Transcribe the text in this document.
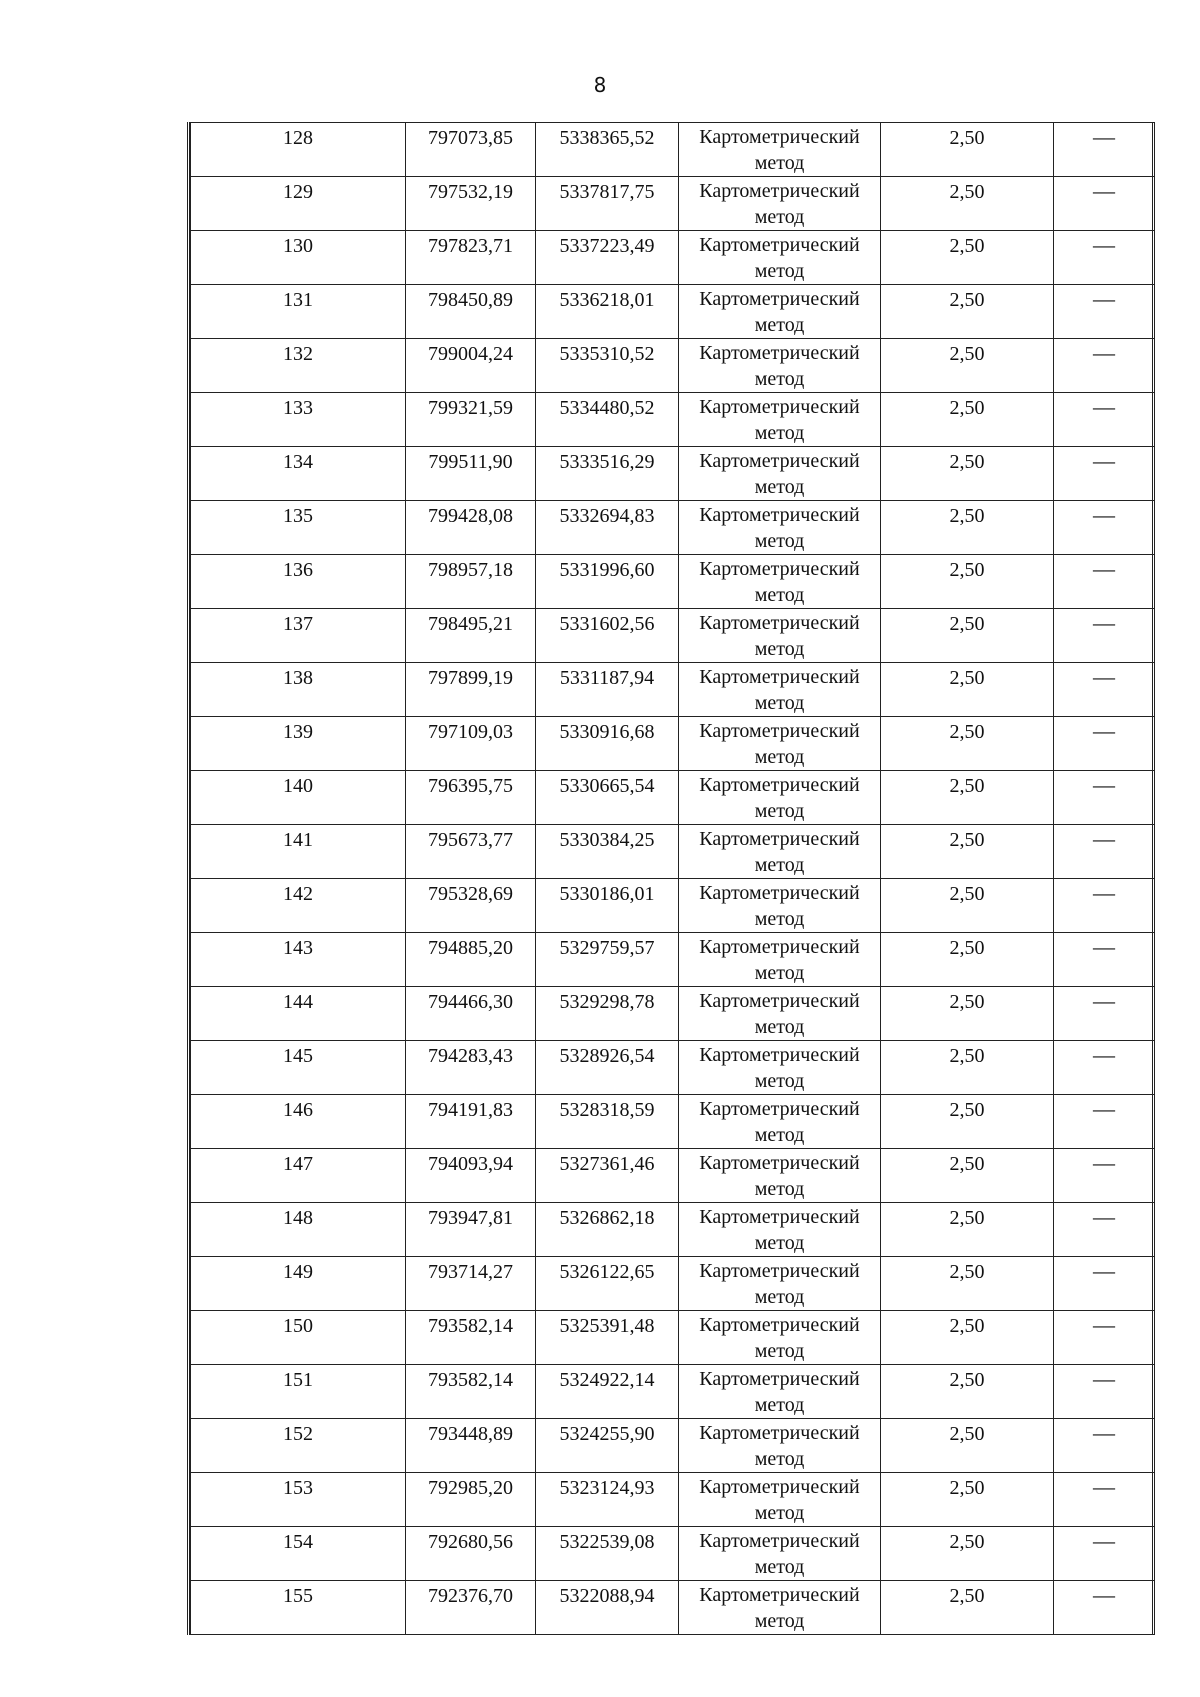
8
128	797073,85	5338365,52	Картометрический метод	2,50	—
129	797532,19	5337817,75	Картометрический метод	2,50	—
130	797823,71	5337223,49	Картометрический метод	2,50	—
131	798450,89	5336218,01	Картометрический метод	2,50	—
132	799004,24	5335310,52	Картометрический метод	2,50	—
133	799321,59	5334480,52	Картометрический метод	2,50	—
134	799511,90	5333516,29	Картометрический метод	2,50	—
135	799428,08	5332694,83	Картометрический метод	2,50	—
136	798957,18	5331996,60	Картометрический метод	2,50	—
137	798495,21	5331602,56	Картометрический метод	2,50	—
138	797899,19	5331187,94	Картометрический метод	2,50	—
139	797109,03	5330916,68	Картометрический метод	2,50	—
140	796395,75	5330665,54	Картометрический метод	2,50	—
141	795673,77	5330384,25	Картометрический метод	2,50	—
142	795328,69	5330186,01	Картометрический метод	2,50	—
143	794885,20	5329759,57	Картометрический метод	2,50	—
144	794466,30	5329298,78	Картометрический метод	2,50	—
145	794283,43	5328926,54	Картометрический метод	2,50	—
146	794191,83	5328318,59	Картометрический метод	2,50	—
147	794093,94	5327361,46	Картометрический метод	2,50	—
148	793947,81	5326862,18	Картометрический метод	2,50	—
149	793714,27	5326122,65	Картометрический метод	2,50	—
150	793582,14	5325391,48	Картометрический метод	2,50	—
151	793582,14	5324922,14	Картометрический метод	2,50	—
152	793448,89	5324255,90	Картометрический метод	2,50	—
153	792985,20	5323124,93	Картометрический метод	2,50	—
154	792680,56	5322539,08	Картометрический метод	2,50	—
155	792376,70	5322088,94	Картометрический метод	2,50	—
